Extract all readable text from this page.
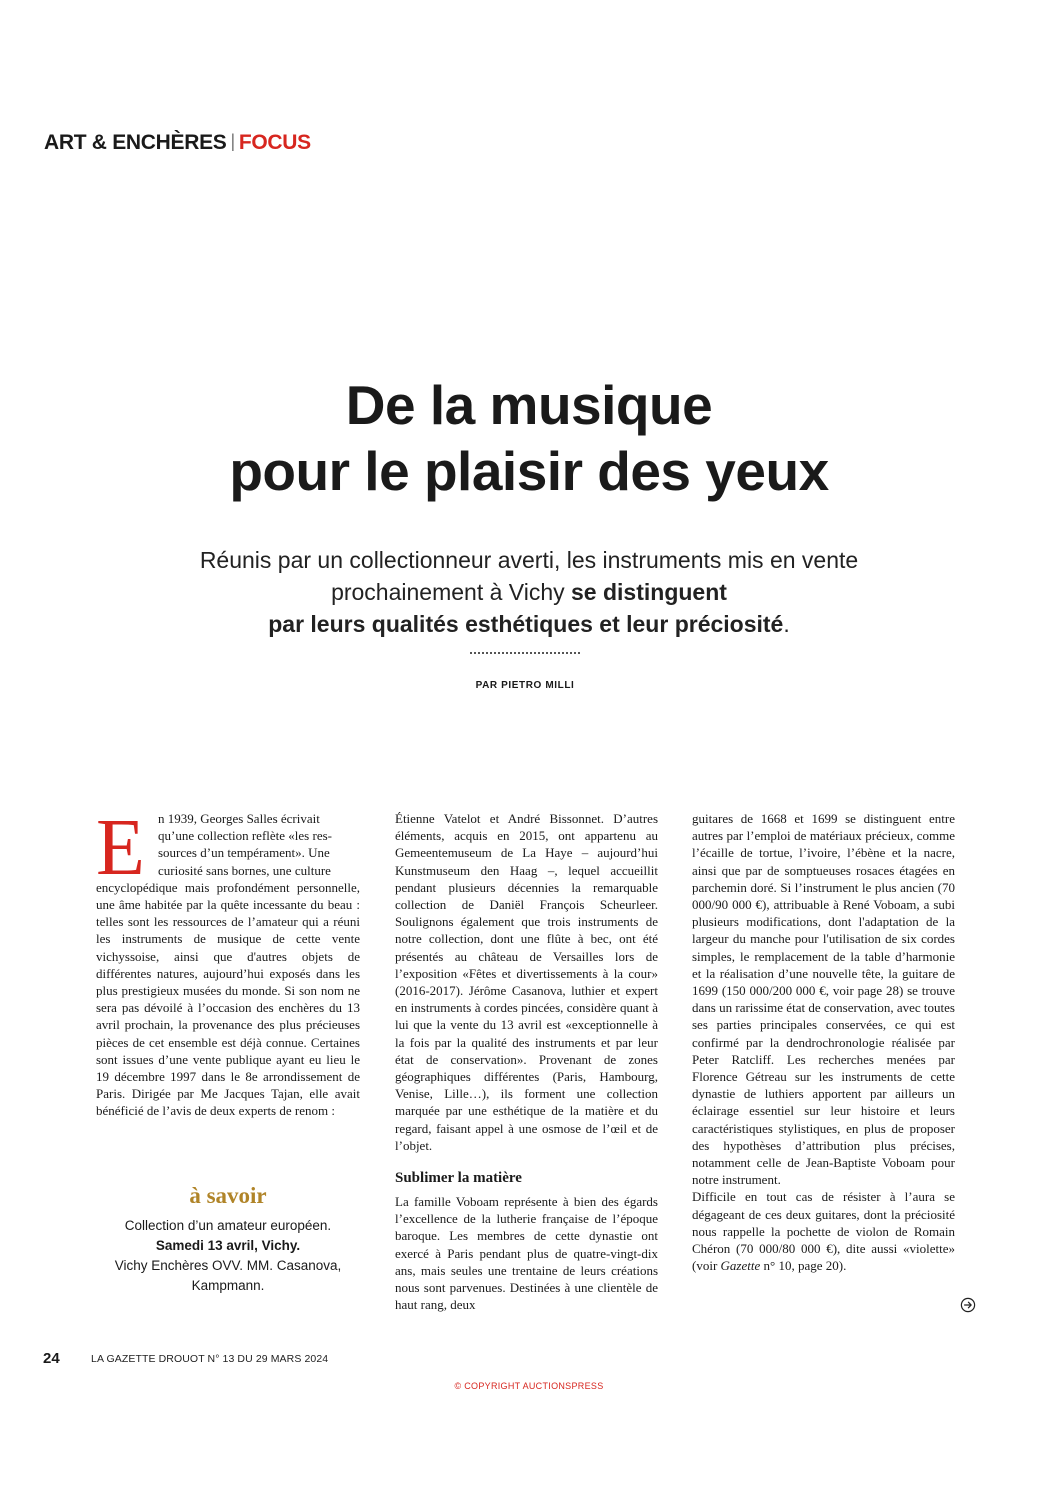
ART & ENCHÈRES | FOCUS
De la musique
pour le plaisir des yeux
Réunis par un collectionneur averti, les instruments mis en vente
prochainement à Vichy se distinguent
par leurs qualités esthétiques et leur préciosité.
PAR PIETRO MILLI
E	n 1939, Georges Salles écrivait
qu’une collection reflète «les res-
sources d’un tempérament». Une
curiosité sans bornes, une culture

encyclopédique mais profondément personnelle, une âme habitée par la quête incessante du beau : telles sont les ressources de l’amateur qui a réuni les instruments de musique de cette vente vichyssoise, ainsi que d'autres objets de différentes natures, aujourd’hui exposés dans les plus prestigieux musées du monde. Si son nom ne sera pas dévoilé à l’occasion des enchères du 13 avril prochain, la provenance des plus précieuses pièces de cet ensemble est déjà connue. Certaines sont issues d’une vente publique ayant eu lieu le 19 décembre 1997 dans le 8e arrondissement de Paris. Dirigée par Me Jacques Tajan, elle avait bénéficié de l’avis de deux experts de renom :

à savoir
Collection d’un amateur européen.
Samedi 13 avril, Vichy.
Vichy Enchères OVV. MM. Casanova,
Kampmann.

Étienne Vatelot et André Bissonnet. D’autres éléments, acquis en 2015, ont appartenu au Gemeentemuseum de La Haye – aujourd’hui Kunstmuseum den Haag –, lequel accueillit pendant plusieurs décennies la remarquable collection de Daniël François Scheurleer. Soulignons également que trois instruments de notre collection, dont une flûte à bec, ont été présentés au château de Versailles lors de l’exposition «Fêtes et divertissements à la cour» (2016-2017). Jérôme Casanova, luthier et expert en instruments à cordes pincées, considère quant à lui que la vente du 13 avril est «exceptionnelle à la fois par la qualité des instruments et par leur état de conservation». Provenant de zones géographiques différentes (Paris, Hambourg, Venise, Lille…), ils forment une collection marquée par une esthétique de la matière et du regard, faisant appel à une osmose de l’œil et de l’objet.

Sublimer la matière

La famille Voboam représente à bien des égards l’excellence de la lutherie française de l’époque baroque. Les membres de cette dynastie ont exercé à Paris pendant plus de quatre-vingt-dix ans, mais seules une trentaine de leurs créations nous sont parvenues. Destinées à une clientèle de haut rang, deux

guitares de 1668 et 1699 se distinguent entre autres par l’emploi de matériaux précieux, comme l’écaille de tortue, l’ivoire, l’ébène et la nacre, ainsi que par de somptueuses rosaces étagées en parchemin doré. Si l’instrument le plus ancien (70 000/90 000 €), attribuable à René Voboam, a subi plusieurs modifications, dont l'adaptation de la largeur du manche pour l'utilisation de six cordes simples, le remplacement de la table d’harmonie et la réalisation d’une nouvelle tête, la guitare de 1699 (150 000/200 000 €, voir page 28) se trouve dans un rarissime état de conservation, avec toutes ses parties principales conservées, ce qui est confirmé par la dendrochronologie réalisée par Peter Ratcliff. Les recherches menées par Florence Gétreau sur les instruments de cette dynastie de luthiers apportent par ailleurs un éclairage essentiel sur leur histoire et leurs caractéristiques stylistiques, en plus de proposer des hypothèses d’attribution plus précises, notamment celle de Jean-Baptiste Voboam pour notre instrument.

Difficile en tout cas de résister à l’aura se dégageant de ces deux guitares, dont la préciosité nous rappelle la pochette de violon de Romain Chéron (70 000/80 000 €), dite aussi «violette» (voir Gazette n° 10, page 20).

24	LA GAZETTE DROUOT N° 13 DU 29 MARS 2024
© COPYRIGHT AUCTIONSPRESS
